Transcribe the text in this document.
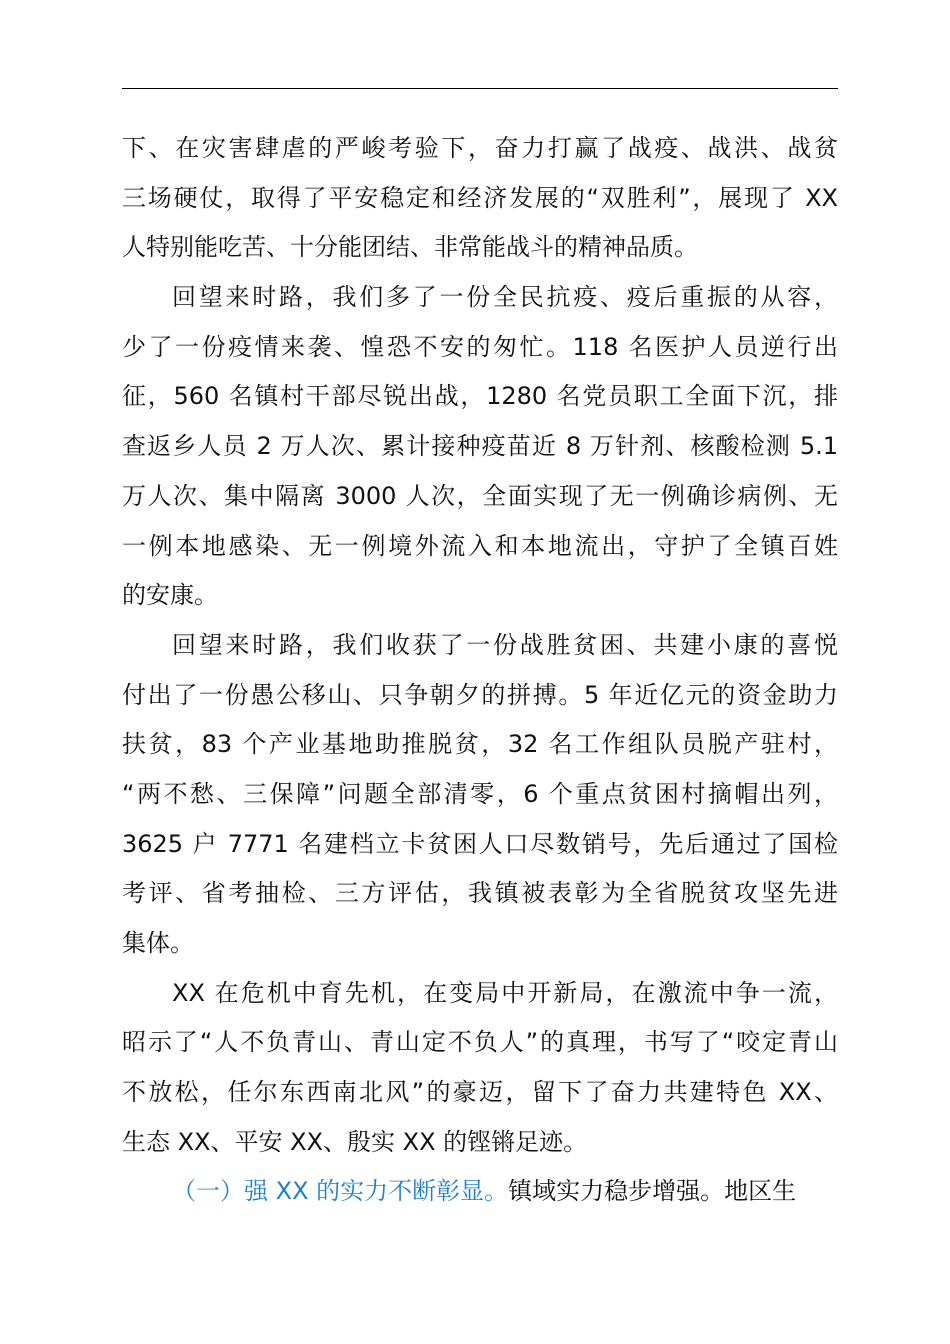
下、在灾害肆虐的严峻考验下，奋力打赢了战疫、战洪、战贫
三场硬仗，取得了平安稳定和经济发展的“双胜利”，展现了 XX
人特别能吃苦、十分能团结、非常能战斗的精神品质。
回望来时路，我们多了一份全民抗疫、疫后重振的从容，
少了一份疫情来袭、惶恐不安的匆忙。118 名医护人员逆行出
征，560 名镇村干部尽锐出战，1280 名党员职工全面下沉，排
查返乡人员 2 万人次、累计接种疫苗近 8 万针剂、核酸检测 5.1
万人次、集中隔离 3000 人次，全面实现了无一例确诊病例、无
一例本地感染、无一例境外流入和本地流出，守护了全镇百姓
的安康。
回望来时路，我们收获了一份战胜贫困、共建小康的喜悦
付出了一份愚公移山、只争朝夕的拼搏。5 年近亿元的资金助力
扶贫，83 个产业基地助推脱贫，32 名工作组队员脱产驻村，
“两不愁、三保障”问题全部清零，6 个重点贫困村摘帽出列，
3625 户 7771 名建档立卡贫困人口尽数销号，先后通过了国检
考评、省考抽检、三方评估，我镇被表彰为全省脱贫攻坚先进
集体。
XX 在危机中育先机，在变局中开新局，在激流中争一流，
昭示了“人不负青山、青山定不负人”的真理，书写了“咬定青山
不放松，任尔东西南北风”的豪迈，留下了奋力共建特色 XX、
生态 XX、平安 XX、殷实 XX 的铿锵足迹。
（一）强 XX 的实力不断彰显。镇域实力稳步增强。地区生
